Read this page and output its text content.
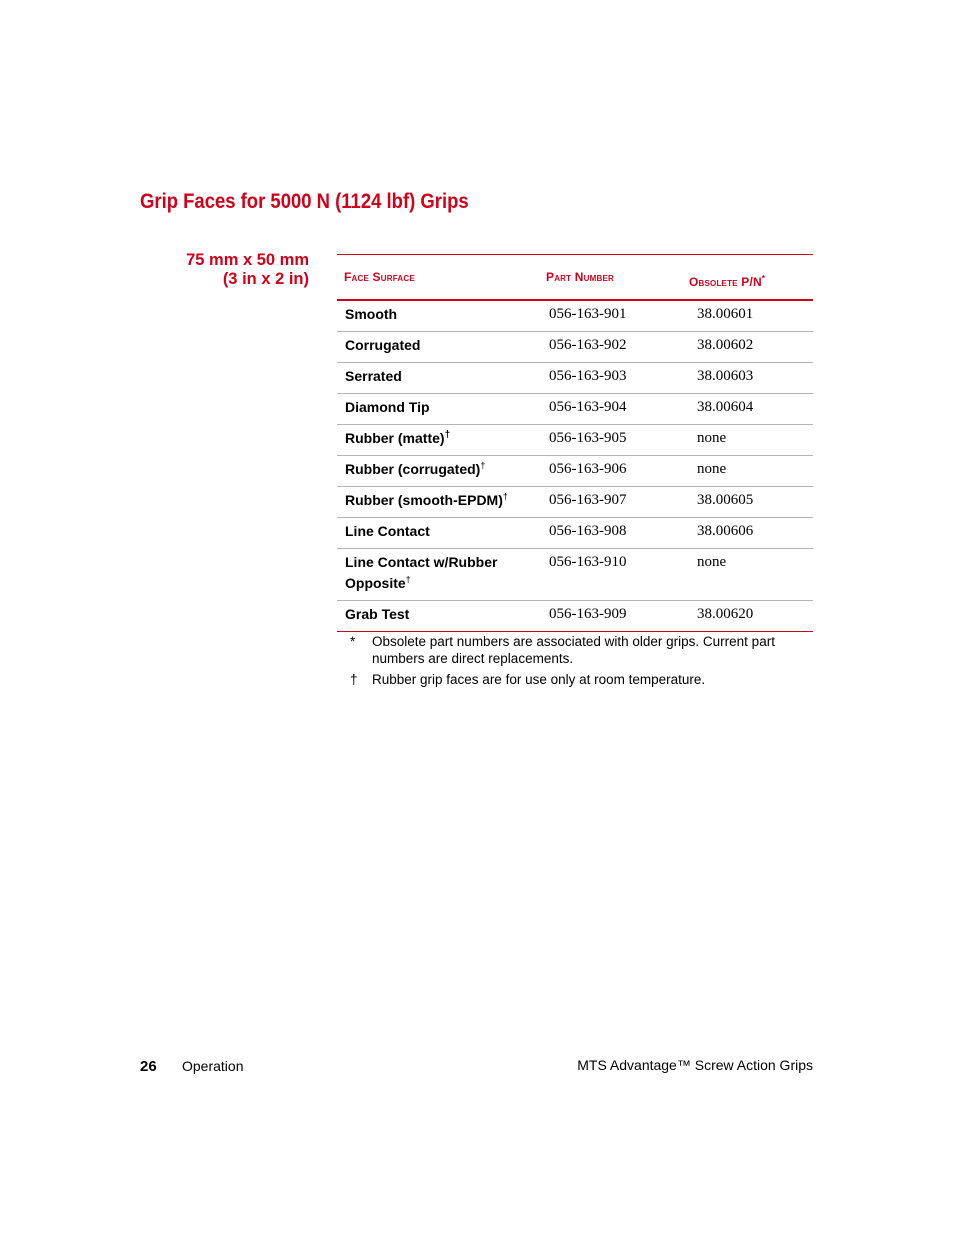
Grip Faces for 5000 N (1124 lbf) Grips
75 mm x 50 mm
(3 in x 2 in)	Face Surface	Part Number	Obsolete P/N*
Smooth	056-163-901	38.00601
Corrugated	056-163-902	38.00602
Serrated	056-163-903	38.00603
Diamond Tip	056-163-904	38.00604
Rubber (matte)†	056-163-905	none
Rubber (corrugated)†	056-163-906	none
Rubber (smooth-EPDM)†	056-163-907	38.00605
Line Contact	056-163-908	38.00606
Line Contact w/Rubber Opposite†	056-163-910	none
Grab Test	056-163-909	38.00620
*	Obsolete part numbers are associated with older grips. Current part numbers are direct replacements.
†	Rubber grip faces are for use only at room temperature.
26 Operation	MTS Advantage™ Screw Action Grips
